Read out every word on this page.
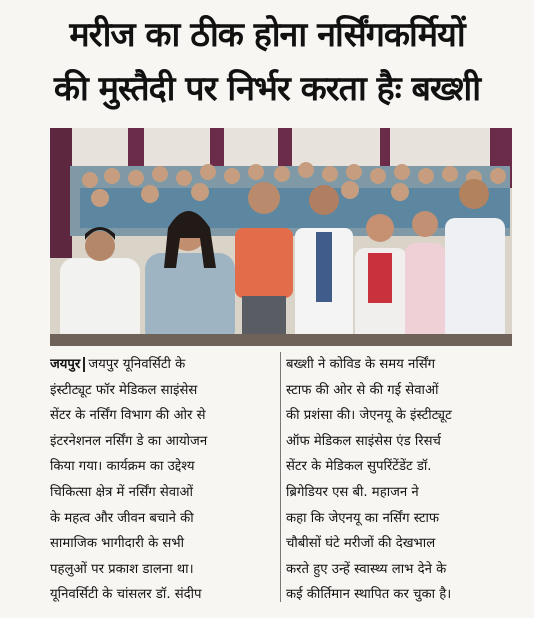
मरीज का ठीक होना नर्सिंगकर्मियों
की मुस्तैदी पर निर्भर करता हैः बख्शी
जयपुर जयपुर यूनिवर्सिटी के
इंस्टीट्यूट फॉर मेडिकल साइंसेस
सेंटर के नर्सिंग विभाग की ओर से
इंटरनेशनल नर्सिंग डे का आयोजन
किया गया। कार्यक्रम का उद्देश्य
चिकित्सा क्षेत्र में नर्सिंग सेवाओं
के महत्व और जीवन बचाने की
सामाजिक भागीदारी के सभी
पहलुओं पर प्रकाश डालना था।
यूनिवर्सिटी के चांसलर डॉ. संदीप
बख्शी ने कोविड के समय नर्सिंग
स्टाफ की ओर से की गई सेवाओं
की प्रशंसा की। जेएनयू के इंस्टीट्यूट
ऑफ मेडिकल साइंसेस एंड रिसर्च
सेंटर के मेडिकल सुपरिंटेंडेंट डॉ.
ब्रिगेडियर एस बी. महाजन ने
कहा कि जेएनयू का नर्सिंग स्टाफ
चौबीसों घंटे मरीजों की देखभाल
करते हुए उन्हें स्वास्थ्य लाभ देने के
कई कीर्तिमान स्थापित कर चुका है।
